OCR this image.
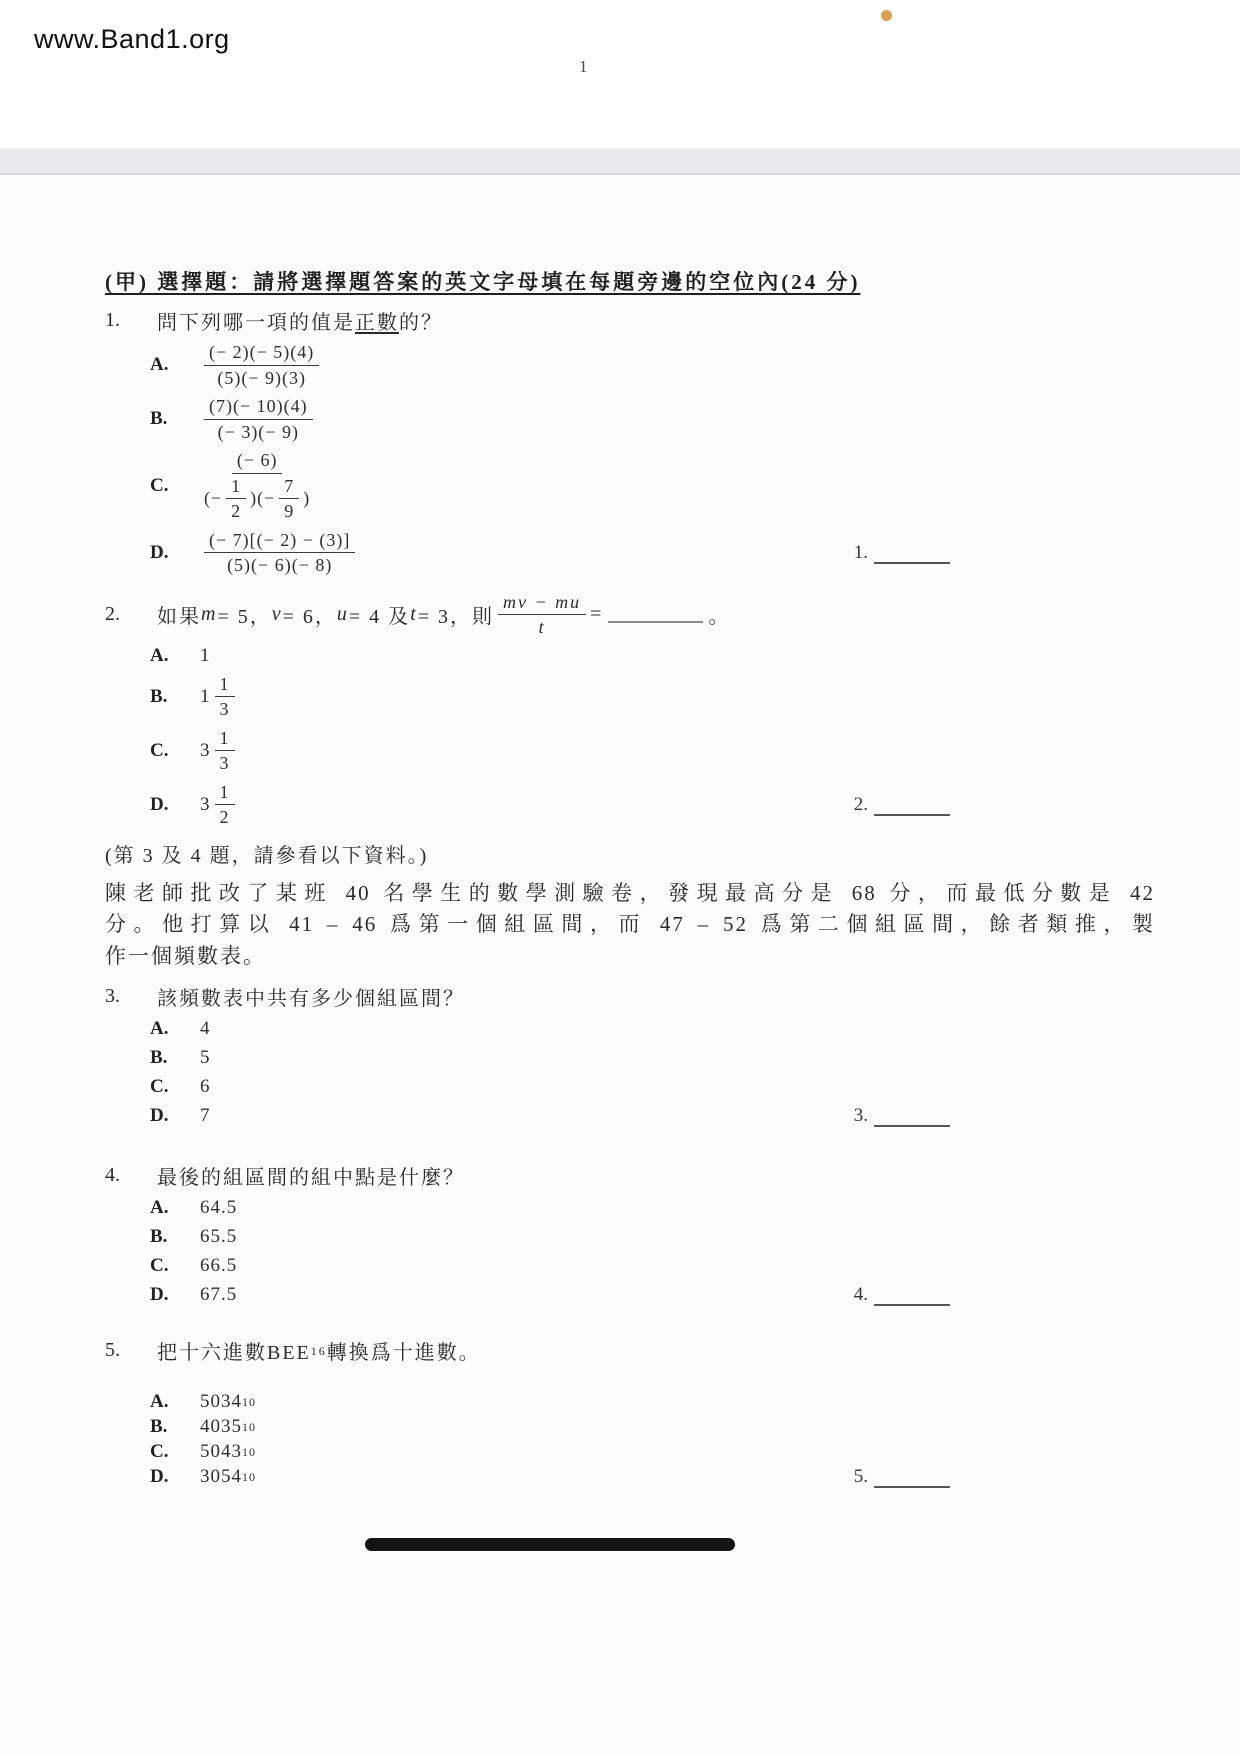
www.Band1.org
1
(甲) 選擇題：請將選擇題答案的英文字母填在每題旁邊的空位內(24 分)
1.	問下列哪一項的值是 正數 的？
A.	$\frac{(- 2)(- 5)(4)}{(5)(- 9)(3)}$
B.	$\frac{(7)(- 10)(4)}{(- 3)(- 9)}$
C.	$\frac{(- 6)}{(- \frac{1}{2} )(- \frac{7}{9} )}$
D.	$\frac{(- 7)[(- 2) - (3)]}{(5)(- 6)(- 8)}$	1.
2.	如果 m = 5， v = 6， u = 4 及 t = 3，則 $\frac{mv - mu}{t}$ =	。
A.	1
B.	$1 \frac{1}{3}$
C.	$3 \frac{1}{3}$
D.	$3 \frac{1}{2}$	2.
(第 3 及 4 題，請參看以下資料。)
陳老師批改了某班 40 名學生的數學測驗卷，發現最高分是 68 分，而最低分數是 42
分。他打算以 41 – 46 爲第一個組區間，而 47 – 52 爲第二個組區間，餘者類推，製
作一個頻數表。
3.	該頻數表中共有多少個組區間？
A.	4
B.	5
C.	6
D.	7	3.
4.	最後的組區間的組中點是什麼？
A.	64.5
B.	65.5
C.	66.5
D.	67.5	4.
5.	把十六進數BEE 16 轉換爲十進數。
A.	5034 10
B.	4035 10
C.	5043 10
D.	3054 10	5.
